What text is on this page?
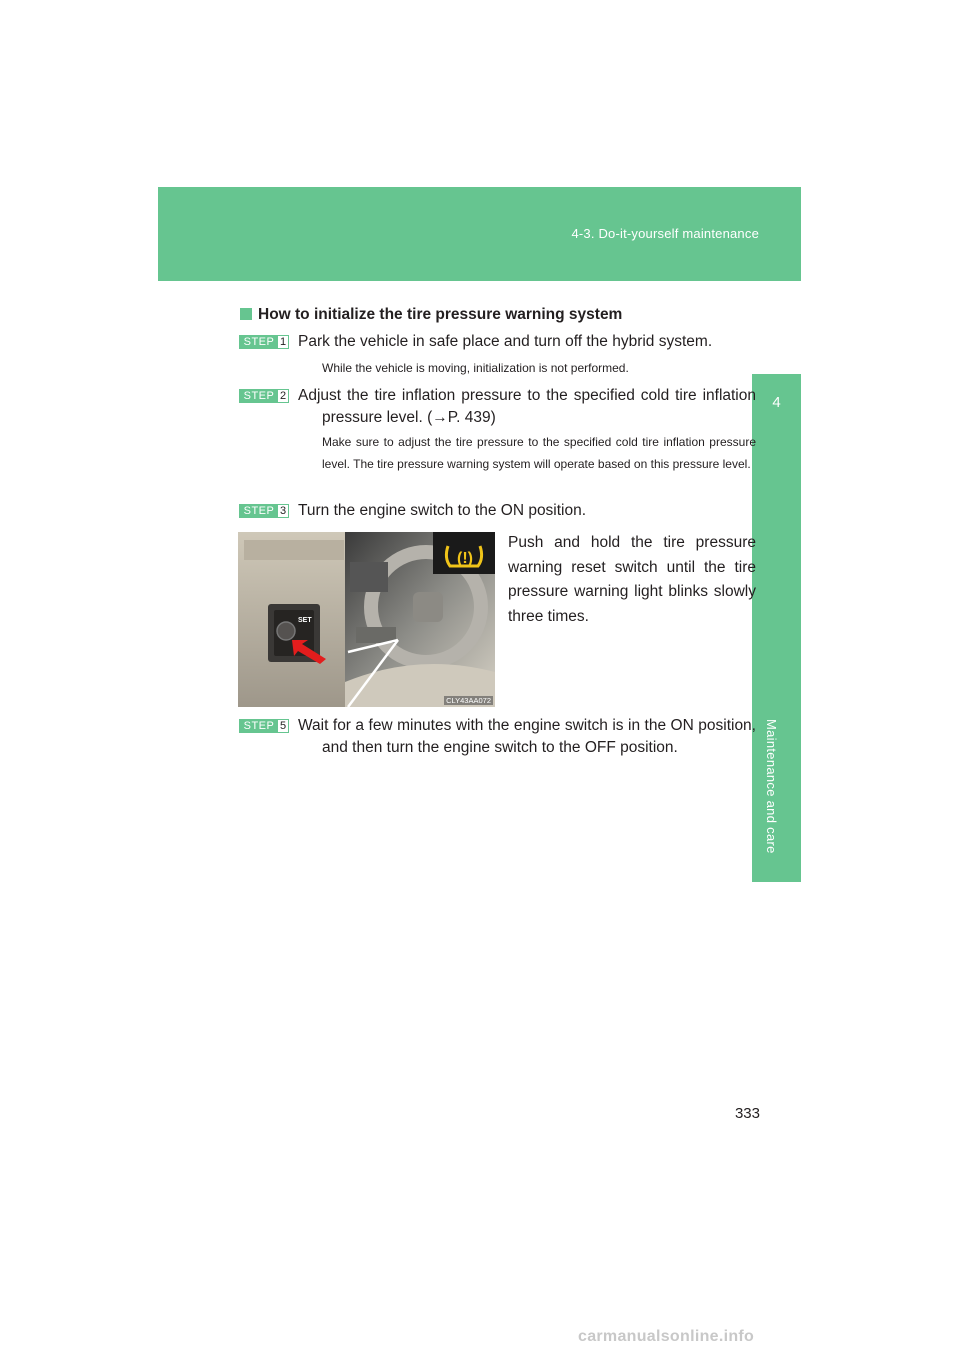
4-3. Do-it-yourself maintenance
4
Maintenance and care
How to initialize the tire pressure warning system
STEP 1 Park the vehicle in safe place and turn off the hybrid system.

While the vehicle is moving, initialization is not performed.

STEP 2 Adjust the tire inflation pressure to the specified cold tire inflation pressure level. (→P. 439)

Make sure to adjust the tire pressure to the specified cold tire inflation pressure level. The tire pressure warning system will operate based on this pressure level.

STEP 3 Turn the engine switch to the ON position.

SET
(!)
CLY43AA072

Push and hold the tire pressure warning reset switch until the tire pressure warning light blinks slowly three times.

STEP 5 Wait for a few minutes with the engine switch is in the ON position, and then turn the engine switch to the OFF position.

333
carmanualsonline.info
